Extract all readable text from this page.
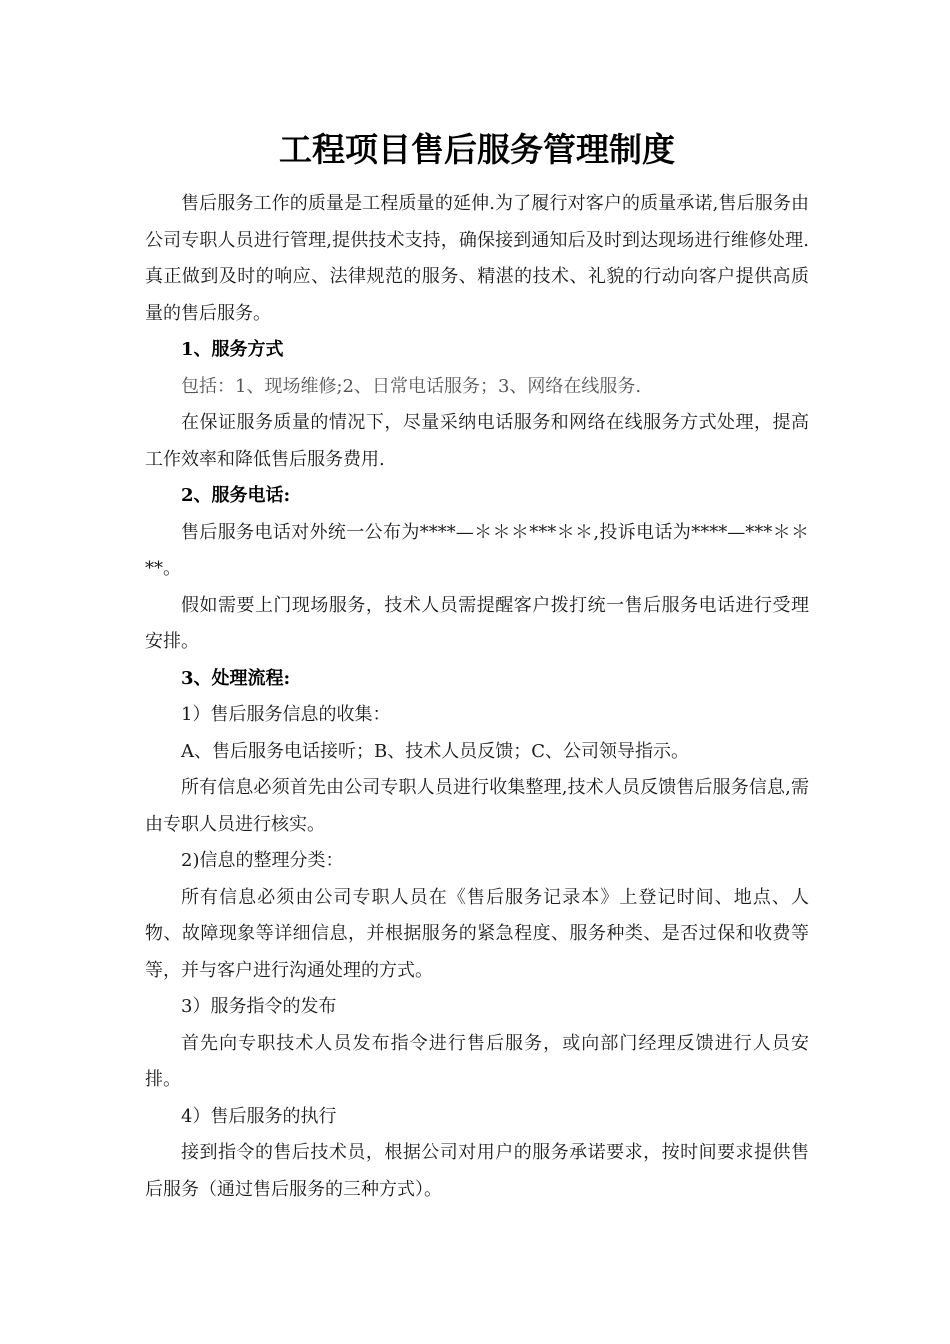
工程项目售后服务管理制度

售后服务工作的质量是工程质量的延伸.为了履行对客户的质量承诺,售后服务由公司专职人员进行管理,提供技术支持，确保接到通知后及时到达现场进行维修处理.真正做到及时的响应、法律规范的服务、精湛的技术、礼貌的行动向客户提供高质量的售后服务。

1、服务方式

包括：1、现场维修;2、日常电话服务；3、网络在线服务.

在保证服务质量的情况下，尽量采纳电话服务和网络在线服务方式处理，提高工作效率和降低售后服务费用.

2、服务电话:

售后服务电话对外统一公布为****—＊＊＊***＊＊,投诉电话为****—***＊＊**。

假如需要上门现场服务，技术人员需提醒客户拨打统一售后服务电话进行受理安排。

3、处理流程:

1）售后服务信息的收集：

A、售后服务电话接听；B、技术人员反馈；C、公司领导指示。

所有信息必须首先由公司专职人员进行收集整理,技术人员反馈售后服务信息,需由专职人员进行核实。

2)信息的整理分类：

所有信息必须由公司专职人员在《售后服务记录本》上登记时间、地点、人物、故障现象等详细信息，并根据服务的紧急程度、服务种类、是否过保和收费等等，并与客户进行沟通处理的方式。

3）服务指令的发布

首先向专职技术人员发布指令进行售后服务，或向部门经理反馈进行人员安排。

4）售后服务的执行

接到指令的售后技术员，根据公司对用户的服务承诺要求，按时间要求提供售后服务（通过售后服务的三种方式）。
